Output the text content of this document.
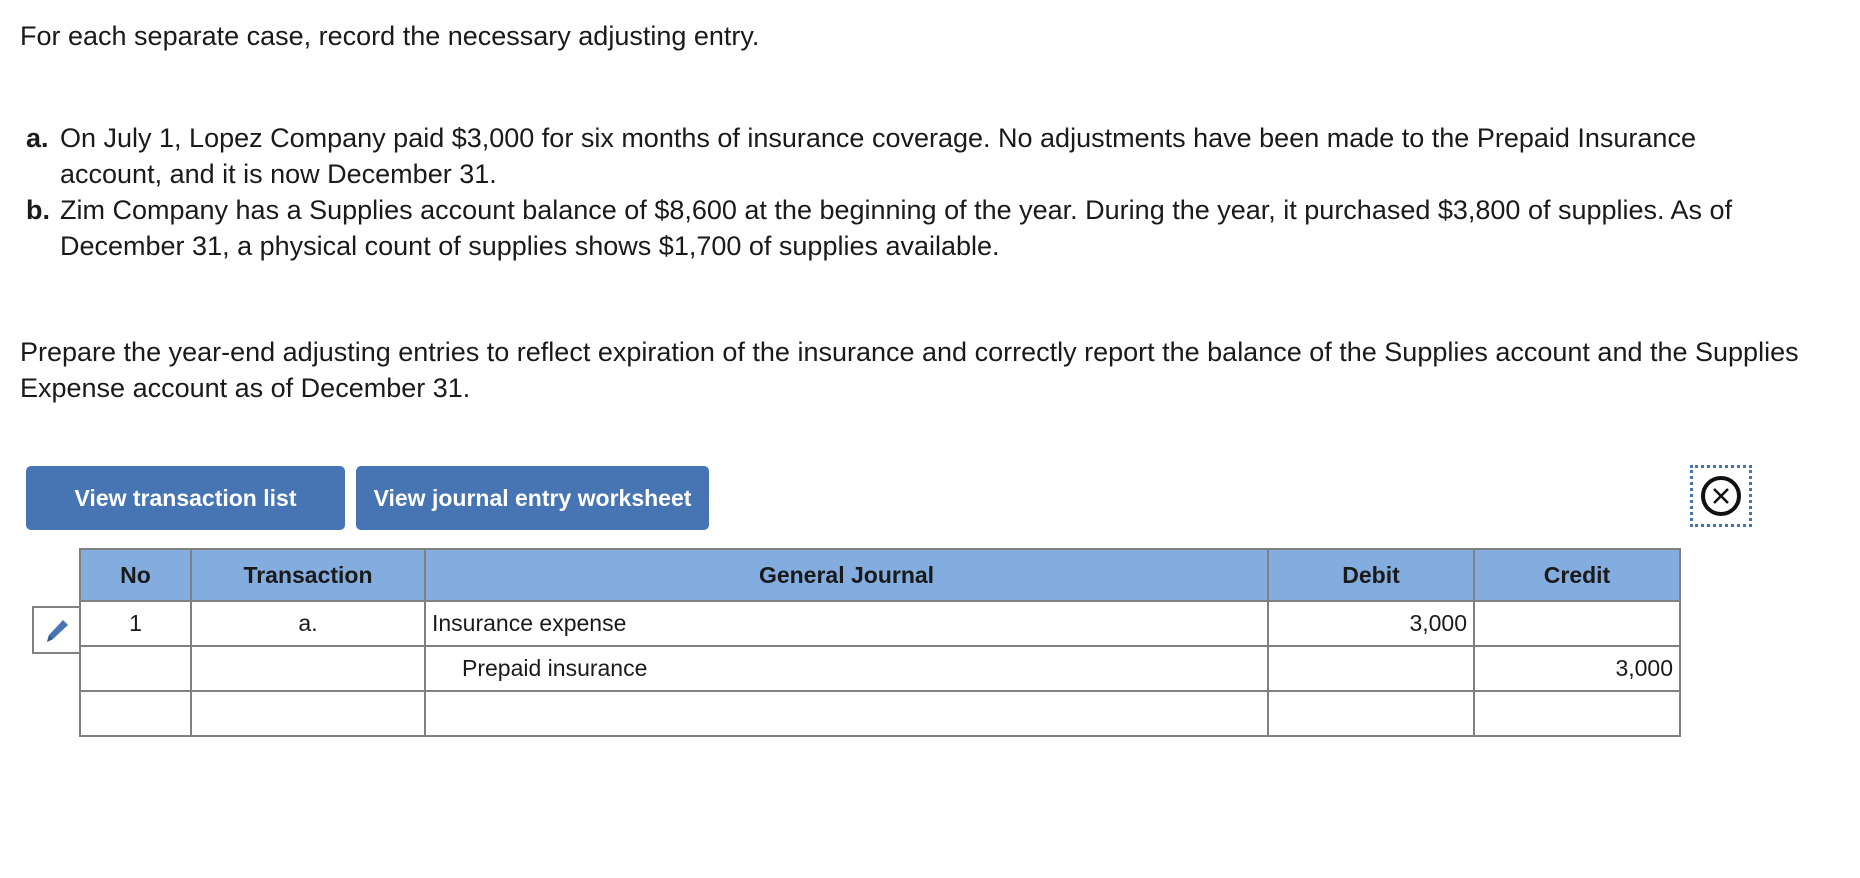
For each separate case, record the necessary adjusting entry.

a. On July 1, Lopez Company paid $3,000 for six months of insurance coverage. No adjustments have been made to the Prepaid Insurance account, and it is now December 31.
b. Zim Company has a Supplies account balance of $8,600 at the beginning of the year. During the year, it purchased $3,800 of supplies. As of December 31, a physical count of supplies shows $1,700 of supplies available.

Prepare the year-end adjusting entries to reflect expiration of the insurance and correctly report the balance of the Supplies account and the Supplies Expense account as of December 31.

View transaction list	View journal entry worksheet
No	Transaction	General Journal	Debit	Credit
1	a.	Insurance expense	3,000	
		Prepaid insurance		3,000
